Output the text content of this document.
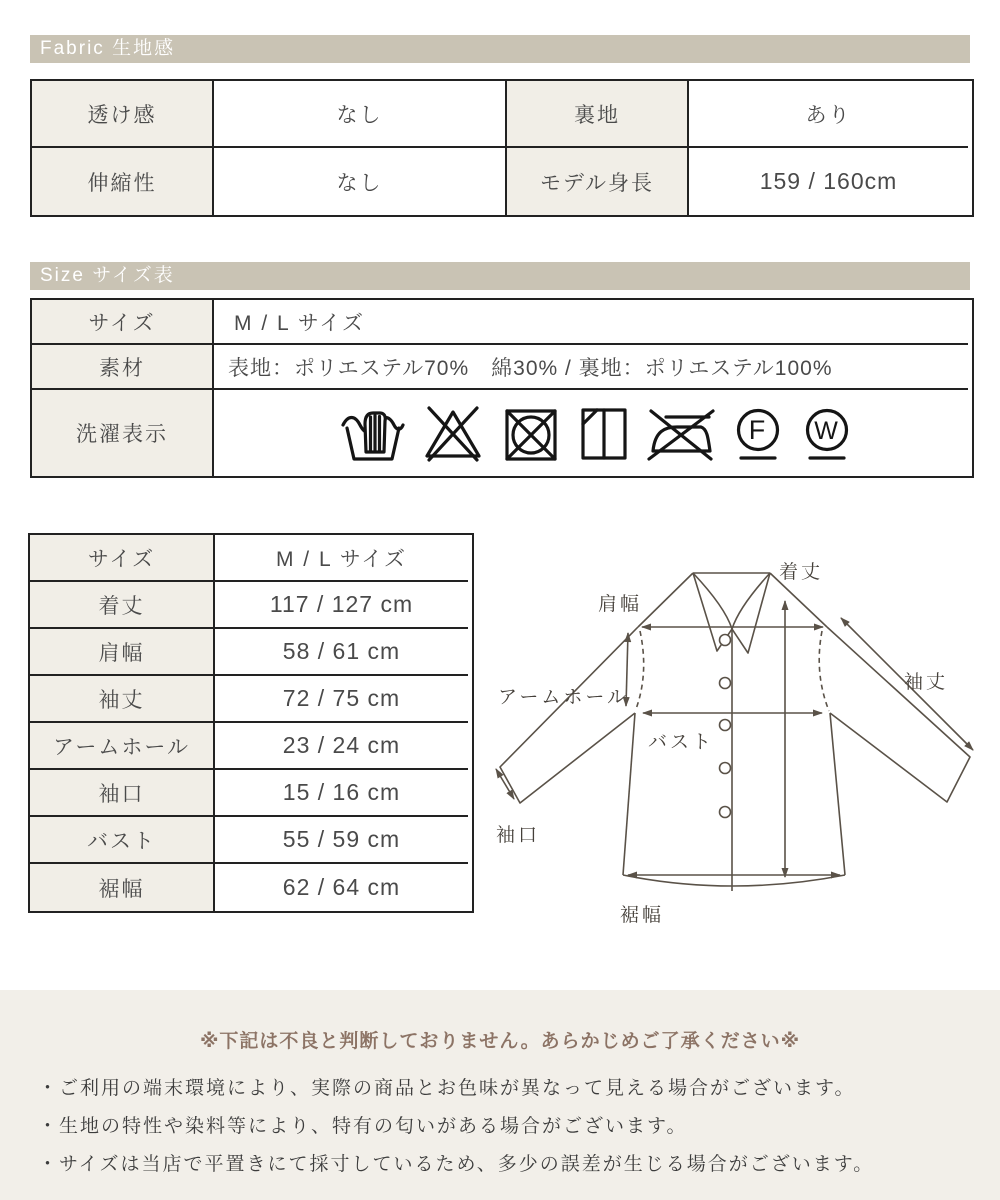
Fabric 生地感
透け感	なし	裏地	あり
伸縮性	なし	モデル身長	159 / 160cm
Size サイズ表
サイズ	M / L サイズ
素材	表地：ポリエステル70%　綿30% / 裏地：ポリエステル100%
洗濯表示	F W
サイズ	M / L サイズ
着丈	117 / 127 cm
肩幅	58 / 61 cm
袖丈	72 / 75 cm
アームホール	23 / 24 cm
袖口	15 / 16 cm
バスト	55 / 59 cm
裾幅	62 / 64 cm
肩幅
着丈
袖丈
アームホール
バスト
袖口
裾幅
※下記は不良と判断しておりません。あらかじめご了承ください※
・ご利用の端末環境により、実際の商品とお色味が異なって見える場合がございます。
・生地の特性や染料等により、特有の匂いがある場合がございます。
・サイズは当店で平置きにて採寸しているため、多少の誤差が生じる場合がございます。
